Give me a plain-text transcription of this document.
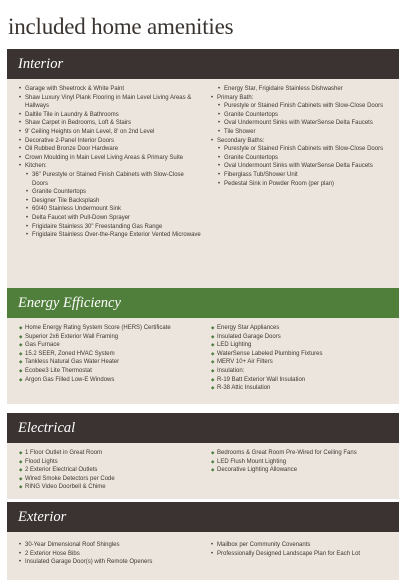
included home amenities
Interior
• Garage with Sheetrock & White Paint
• Shaw Luxury Vinyl Plank Flooring in Main Level Living Areas & Hallways
• Daltile Tile in Laundry & Bathrooms
• Shaw Carpet in Bedrooms, Loft & Stairs
• 9' Ceiling Heights on Main Level, 8' on 2nd Level
• Decorative 2-Panel Interior Doors
• Oil Rubbed Bronze Door Hardware
• Crown Moulding in Main Level Living Areas & Primary Suite
• Kitchen:
• 36" Purestyle or Stained Finish Cabinets with Slow-Close Doors
• Granite Countertops
• Designer Tile Backsplash
• 60/40 Stainless Undermount Sink
• Delta Faucet with Pull-Down Sprayer
• Frigidaire Stainless 30" Freestanding Gas Range
• Frigidaire Stainless Over-the-Range Exterior Vented Microwave
• Energy Star, Frigidaire Stainless Dishwasher
• Primary Bath:
• Purestyle or Stained Finish Cabinets with Slow-Close Doors
• Granite Countertops
• Oval Undermount Sinks with WaterSense Delta Faucets
• Tile Shower
• Secondary Baths:
• Purestyle or Stained Finish Cabinets with Slow-Close Doors
• Granite Countertops
• Oval Undermount Sinks with WaterSense Delta Faucets
• Fiberglass Tub/Shower Unit
• Pedestal Sink in Powder Room (per plan)
Energy Efficiency
◆ Home Energy Rating System Score (HERS) Certificate
◆ Superior 2x6 Exterior Wall Framing
◆ Gas Furnace
◆ 15.2 SEER, Zoned HVAC System
◆ Tankless Natural Gas Water Heater
◆ Ecobee3 Lite Thermostat
◆ Argon Gas Filled Low-E Windows
◆ Energy Star Appliances
◆ Insulated Garage Doors
◆ LED Lighting
◆ WaterSense Labeled Plumbing Fixtures
◆ MERV 10+ Air Filters
◆ Insulation:
◆ R-19 Batt Exterior Wall Insulation
◆ R-38 Attic Insulation
Electrical
◆ 1 Floor Outlet in Great Room
◆ Flood Lights
◆ 2 Exterior Electrical Outlets
◆ Wired Smoke Detectors per Code
◆ RING Video Doorbell & Chime
◆ Bedrooms & Great Room Pre-Wired for Ceiling Fans
◆ LED Flush Mount Lighting
◆ Decorative Lighting Allowance
Exterior
• 30-Year Dimensional Roof Shingles
• 2 Exterior Hose Bibs
• Insulated Garage Door(s) with Remote Openers
• Mailbox per Community Covenants
• Professionally Designed Landscape Plan for Each Lot
